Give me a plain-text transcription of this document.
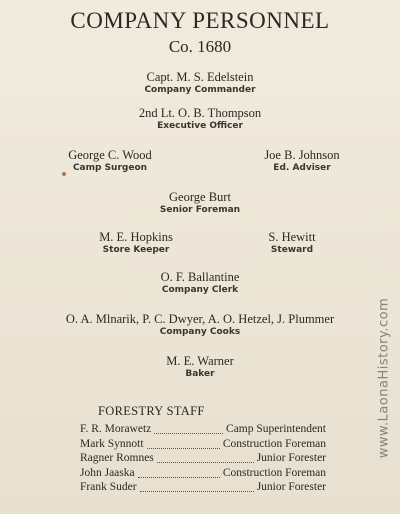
COMPANY PERSONNEL
Co. 1680
Capt. M. S. Edelstein
Company Commander
2nd Lt. O. B. Thompson
Executive Officer
George C. Wood
Camp Surgeon
Joe B. Johnson
Ed. Adviser
George Burt
Senior Foreman
M. E. Hopkins
Store Keeper
S. Hewitt
Steward
O. F. Ballantine
Company Clerk
O. A. Mlnarik, P. C. Dwyer, A. O. Hetzel, J. Plummer
Company Cooks
M. E. Warner
Baker
FORESTRY STAFF
F. R. Morawetz	Camp Superintendent
Mark Synnott	Construction Foreman
Ragner Romnes	Junior Forester
John Jaaska	Construction Foreman
Frank Suder	Junior Forester
www.LaonaHistory.com
